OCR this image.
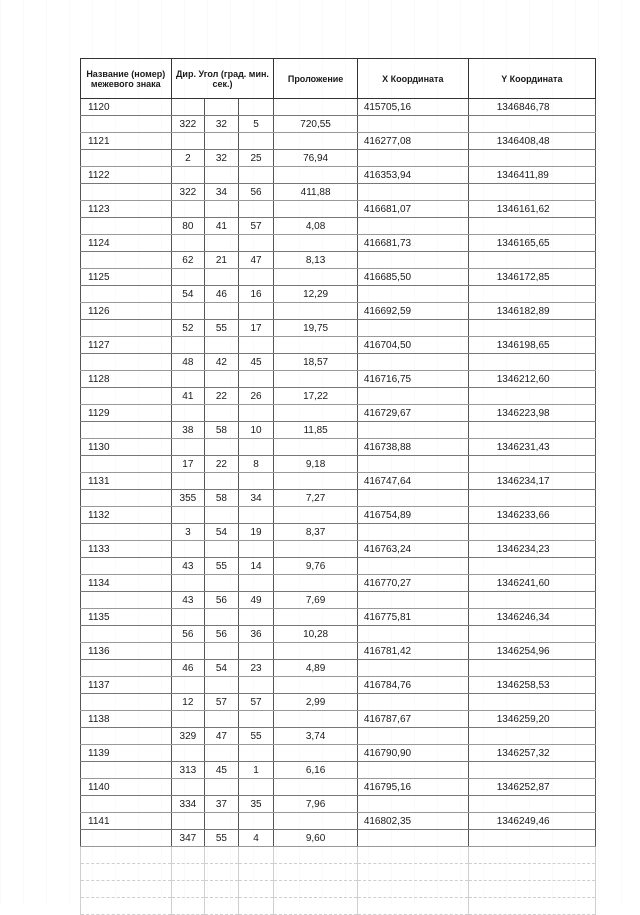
Название (номер) межевого знака	Дир. Угол (град. мин. сек.)			Проложение	X Координата	Y Координата
1120					415705,16	1346846,78
	322	32	5	720,55		
1121					416277,08	1346408,48
	2	32	25	76,94		
1122					416353,94	1346411,89
	322	34	56	411,88		
1123					416681,07	1346161,62
	80	41	57	4,08		
1124					416681,73	1346165,65
	62	21	47	8,13		
1125					416685,50	1346172,85
	54	46	16	12,29		
1126					416692,59	1346182,89
	52	55	17	19,75		
1127					416704,50	1346198,65
	48	42	45	18,57		
1128					416716,75	1346212,60
	41	22	26	17,22		
1129					416729,67	1346223,98
	38	58	10	11,85		
1130					416738,88	1346231,43
	17	22	8	9,18		
1131					416747,64	1346234,17
	355	58	34	7,27		
1132					416754,89	1346233,66
	3	54	19	8,37		
1133					416763,24	1346234,23
	43	55	14	9,76		
1134					416770,27	1346241,60
	43	56	49	7,69		
1135					416775,81	1346246,34
	56	56	36	10,28		
1136					416781,42	1346254,96
	46	54	23	4,89		
1137					416784,76	1346258,53
	12	57	57	2,99		
1138					416787,67	1346259,20
	329	47	55	3,74		
1139					416790,90	1346257,32
	313	45	1	6,16		
1140					416795,16	1346252,87
	334	37	35	7,96		
1141					416802,35	1346249,46
	347	55	4	9,60		
